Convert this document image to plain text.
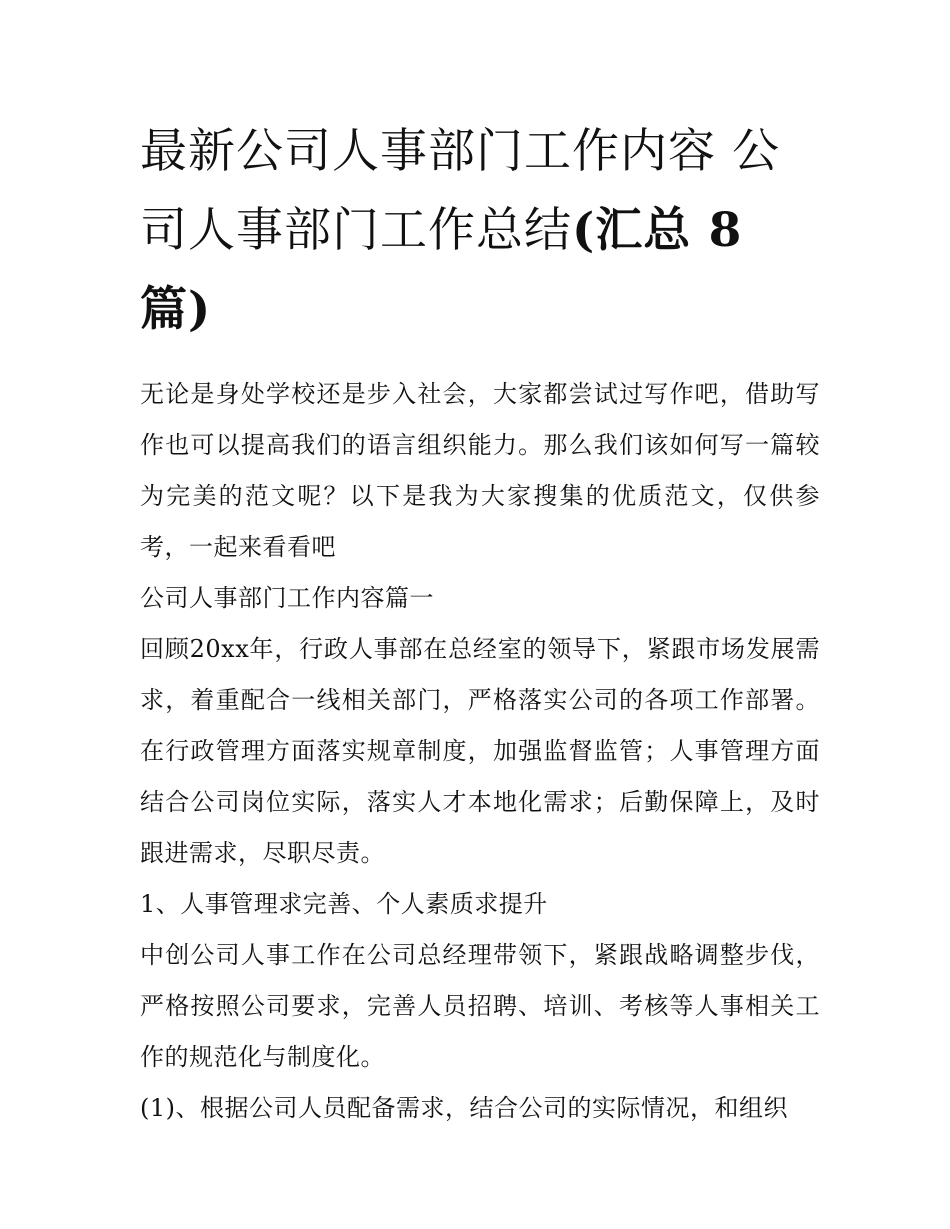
最新公司人事部门工作内容 公司人事部门工作总结(汇总 8
篇)

无论是身处学校还是步入社会，大家都尝试过写作吧，借助写作也可以提高我们的语言组织能力。那么我们该如何写一篇较为完美的范文呢？以下是我为大家搜集的优质范文，仅供参考，一起来看看吧

公司人事部门工作内容篇一

回顾20xx年，行政人事部在总经室的领导下，紧跟市场发展需求，着重配合一线相关部门，严格落实公司的各项工作部署。在行政管理方面落实规章制度，加强监督监管；人事管理方面结合公司岗位实际，落实人才本地化需求；后勤保障上，及时跟进需求，尽职尽责。

1、人事管理求完善、个人素质求提升

中创公司人事工作在公司总经理带领下，紧跟战略调整步伐，严格按照公司要求，完善人员招聘、培训、考核等人事相关工作的规范化与制度化。

(1)、根据公司人员配备需求，结合公司的实际情况，和组织
